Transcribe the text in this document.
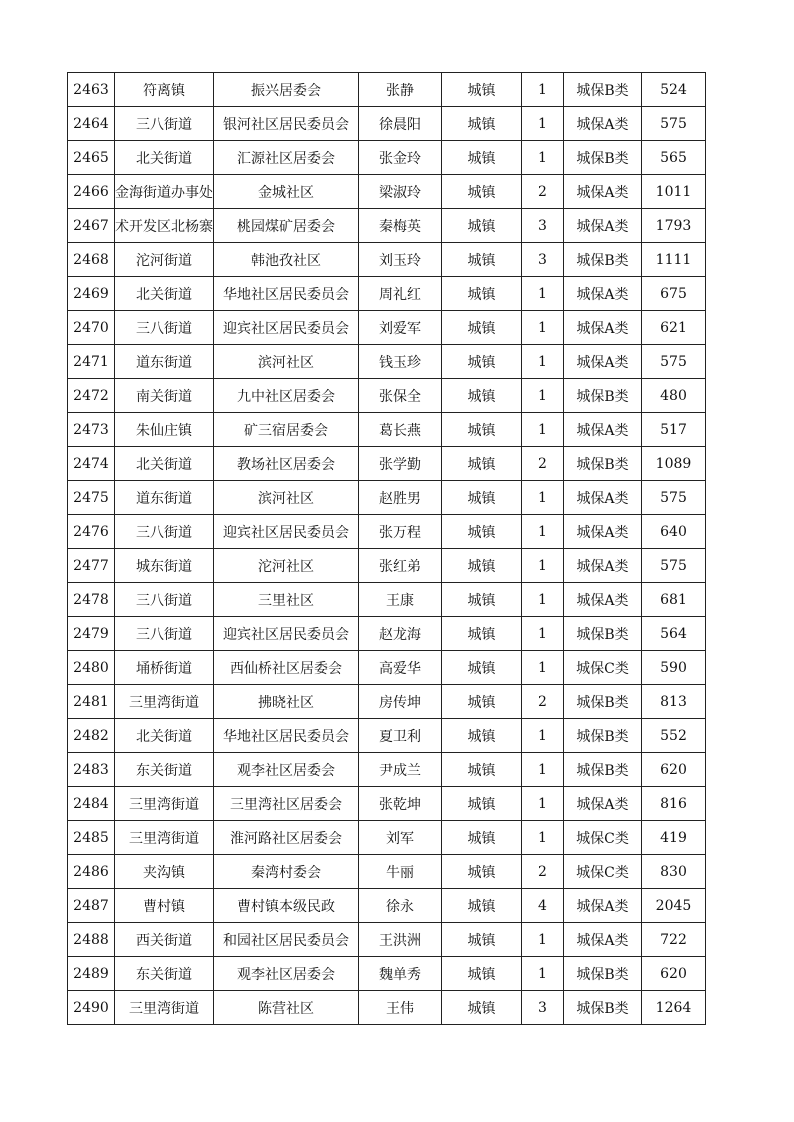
2463	符离镇	振兴居委会	张静	城镇	1	城保B类	524
2464	三八街道	银河社区居民委员会	徐晨阳	城镇	1	城保A类	575
2465	北关街道	汇源社区居委会	张金玲	城镇	1	城保B类	565
2466	金海街道办事处	金城社区	梁淑玲	城镇	2	城保A类	1011
2467	术开发区北杨寨	桃园煤矿居委会	秦梅英	城镇	3	城保A类	1793
2468	沱河街道	韩池孜社区	刘玉玲	城镇	3	城保B类	1111
2469	北关街道	华地社区居民委员会	周礼红	城镇	1	城保A类	675
2470	三八街道	迎宾社区居民委员会	刘爱军	城镇	1	城保A类	621
2471	道东街道	滨河社区	钱玉珍	城镇	1	城保A类	575
2472	南关街道	九中社区居委会	张保全	城镇	1	城保B类	480
2473	朱仙庄镇	矿三宿居委会	葛长燕	城镇	1	城保A类	517
2474	北关街道	教场社区居委会	张学勤	城镇	2	城保B类	1089
2475	道东街道	滨河社区	赵胜男	城镇	1	城保A类	575
2476	三八街道	迎宾社区居民委员会	张万程	城镇	1	城保A类	640
2477	城东街道	沱河社区	张红弟	城镇	1	城保A类	575
2478	三八街道	三里社区	王康	城镇	1	城保A类	681
2479	三八街道	迎宾社区居民委员会	赵龙海	城镇	1	城保B类	564
2480	埇桥街道	西仙桥社区居委会	高爱华	城镇	1	城保C类	590
2481	三里湾街道	拂晓社区	房传坤	城镇	2	城保B类	813
2482	北关街道	华地社区居民委员会	夏卫利	城镇	1	城保B类	552
2483	东关街道	观李社区居委会	尹成兰	城镇	1	城保B类	620
2484	三里湾街道	三里湾社区居委会	张乾坤	城镇	1	城保A类	816
2485	三里湾街道	淮河路社区居委会	刘军	城镇	1	城保C类	419
2486	夹沟镇	秦湾村委会	牛丽	城镇	2	城保C类	830
2487	曹村镇	曹村镇本级民政	徐永	城镇	4	城保A类	2045
2488	西关街道	和园社区居民委员会	王洪洲	城镇	1	城保A类	722
2489	东关街道	观李社区居委会	魏单秀	城镇	1	城保B类	620
2490	三里湾街道	陈营社区	王伟	城镇	3	城保B类	1264
